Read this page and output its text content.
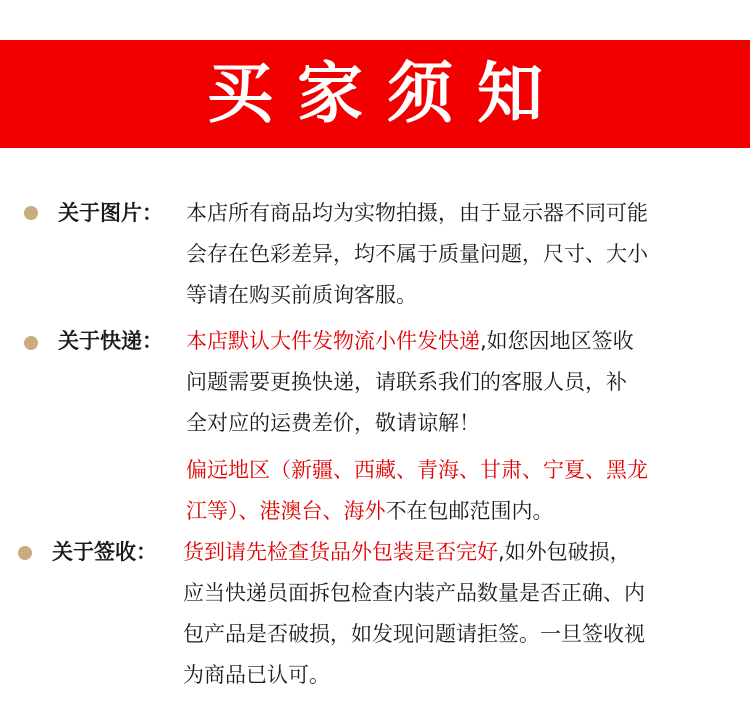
买家须知
关于图片： 本店所有商品均为实物拍摄，由于显示器不同可能
会存在色彩差异，均不属于质量问题，尺寸、大小
等请在购买前质询客服。
关于快递： 本店默认大件发物流小件发快递,如您因地区签收
问题需要更换快递，请联系我们的客服人员，补
全对应的运费差价，敬请谅解！
偏远地区（新疆、西藏、青海、甘肃、宁夏、黑龙
江等）、港澳台、海外不在包邮范围内。
关于签收： 货到请先检查货品外包装是否完好,如外包破损，
应当快递员面拆包检查内装产品数量是否正确、内
包产品是否破损，如发现问题请拒签。一旦签收视
为商品已认可。
